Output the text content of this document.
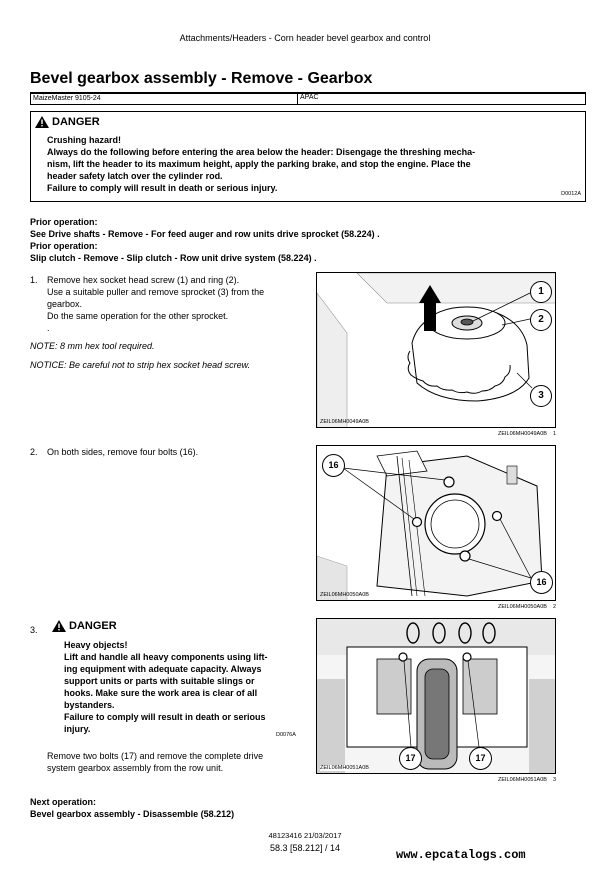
Attachments/Headers - Corn header bevel gearbox and control
Bevel gearbox assembly - Remove - Gearbox
MaizeMaster 9105-24	APAC
DANGER
Crushing hazard!
Always do the following before entering the area below the header: Disengage the threshing mecha-
nism, lift the header to its maximum height, apply the parking brake, and stop the engine. Place the
header safety latch over the cylinder rod.
Failure to comply will result in death or serious injury.
D0012A
Prior operation:
See Drive shafts - Remove - For feed auger and row units drive sprocket (58.224) .
Prior operation:
Slip clutch - Remove - Slip clutch - Row unit drive system (58.224) .
1. Remove hex socket head screw (1) and ring (2).
Use a suitable puller and remove sprocket (3) from the
gearbox.
Do the same operation for the other sprocket.
.
NOTE: 8 mm hex tool required.
NOTICE: Be careful not to strip hex socket head screw.
1
2
3
ZEIL06MH0049A0B
ZEIL06MH0049A0B 1
2. On both sides, remove four bolts (16).
16
16
ZEIL06MH0050A0B
ZEIL06MH0050A0B 2
3.	DANGER
Heavy objects!
Lift and handle all heavy components using lift-
ing equipment with adequate capacity. Always
support units or parts with suitable slings or
hooks. Make sure the work area is clear of all
bystanders.
Failure to comply will result in death or serious
injury.
D0076A
Remove two bolts (17) and remove the complete drive
system gearbox assembly from the row unit.
17	17
ZEIL06MH0051A0B
ZEIL06MH0051A0B 3
Next operation:
Bevel gearbox assembly - Disassemble (58.212)
48123416 21/03/2017
58.3 [58.212] / 14	www.epcatalogs.com
